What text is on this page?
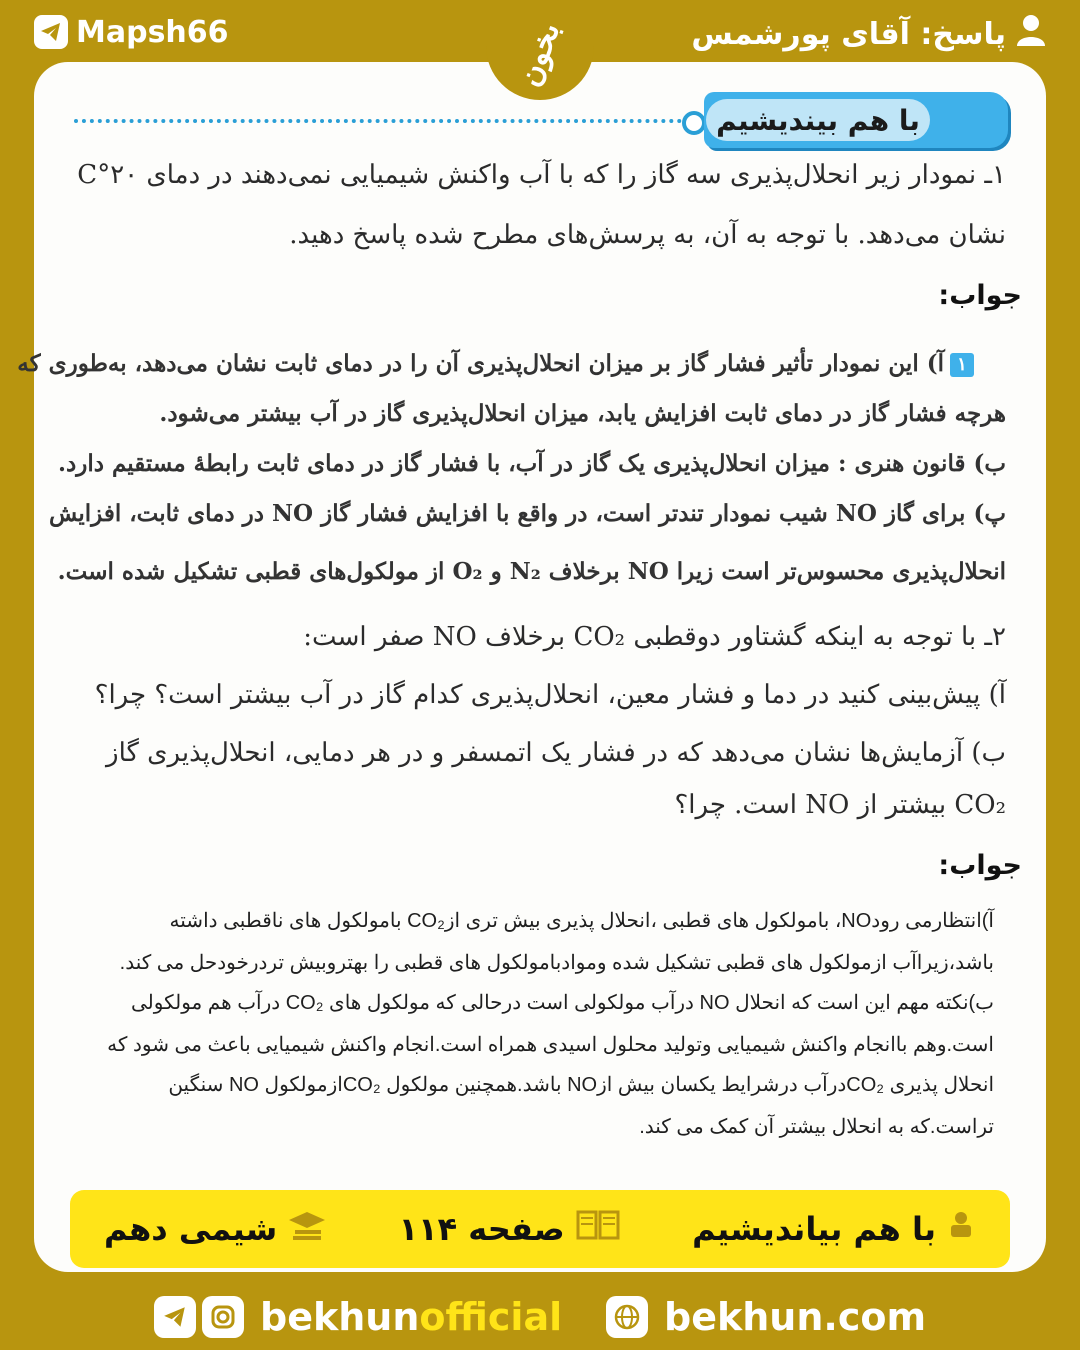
Mapsh66	پاسخ: آقای پورشمس
بخون
با هم بیندیشیم
۱ـ نمودار زیر انحلال‌پذیری سه گاز را که با آب واکنش شیمیایی نمی‌دهند در دمای ۲۰°C
نشان می‌دهد. با توجه به آن، به پرسش‌های مطرح شده پاسخ دهید.
جواب:
۱آ) این نمودار تأثیر فشار گاز بر میزان انحلال‌پذیری آن را در دمای ثابت نشان می‌دهد، به‌طوری که
هرچه فشار گاز در دمای ثابت افزایش یابد، میزان انحلال‌پذیری گاز در آب بیشتر می‌شود.
ب) قانون هنری : میزان انحلال‌پذیری یک گاز در آب، با فشار گاز در دمای ثابت رابطهٔ مستقیم دارد.
پ) برای گاز NO شیب نمودار تندتر است، در واقع با افزایش فشار گاز NO در دمای ثابت، افزایش
انحلال‌پذیری محسوس‌تر است زیرا NO برخلاف N₂ و O₂ از مولکول‌های قطبی تشکیل شده است.
۲ـ با توجه به اینکه گشتاور دوقطبی CO₂ برخلاف NO صفر است:
آ) پیش‌بینی کنید در دما و فشار معین، انحلال‌پذیری کدام گاز در آب بیشتر است؟ چرا؟
ب) آزمایش‌ها نشان می‌دهد که در فشار یک اتمسفر و در هر دمایی، انحلال‌پذیری گاز
CO₂ بیشتر از NO است. چرا؟
جواب:
آ)انتظارمی رودNO، بامولکول های قطبی ،انحلال پذیری بیش تری ازCO₂ بامولکول های ناقطبی داشته
باشد،زیراآب ازمولکول های قطبی تشکیل شده وموادبامولکول های قطبی را بهتروبیش تردرخودحل می کند.
ب)نکته مهم این است که انحلال NO درآب مولکولی است درحالی که مولکول های CO₂ درآب هم مولکولی
است.وهم باانجام واکنش شیمیایی وتولید محلول اسیدی همراه است.انجام واکنش شیمیایی باعث می شود که
انحلال پذیری CO₂درآب درشرایط یکسان بیش ازNO باشد.همچنین مولکول CO₂ازمولکول NO سنگین
تراست.که به انحلال بیشتر آن کمک می کند.
با هم بیاندیشیم
صفحه ۱۱۴
شیمی دهم
bekhunofficial	bekhun.com
